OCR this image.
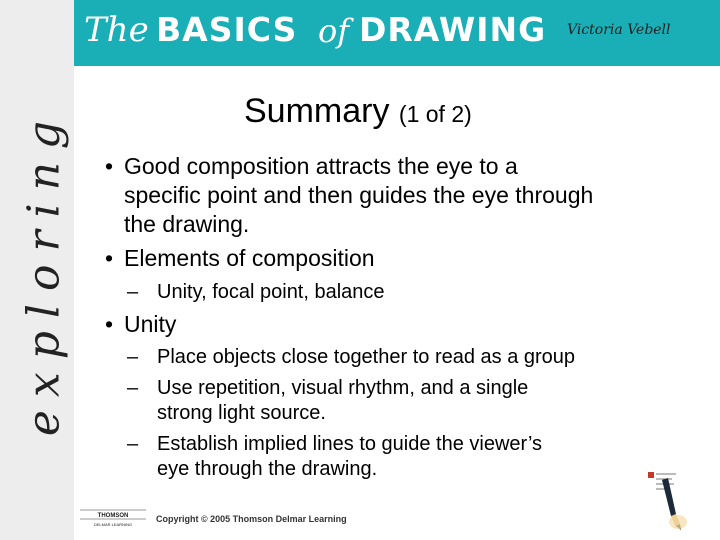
exploring
The BASICS of DRAWING Victoria Vebell
Summary (1 of 2)
• Good composition attracts the eye to a
specific point and then guides the eye through
the drawing.
• Elements of composition
– Unity, focal point, balance
• Unity
– Place objects close together to read as a group
– Use repetition, visual rhythm, and a single
strong light source.
– Establish implied lines to guide the viewer’s
eye through the drawing.
THOMSON
DELMAR LEARNING
Copyright © 2005 Thomson Delmar Learning
